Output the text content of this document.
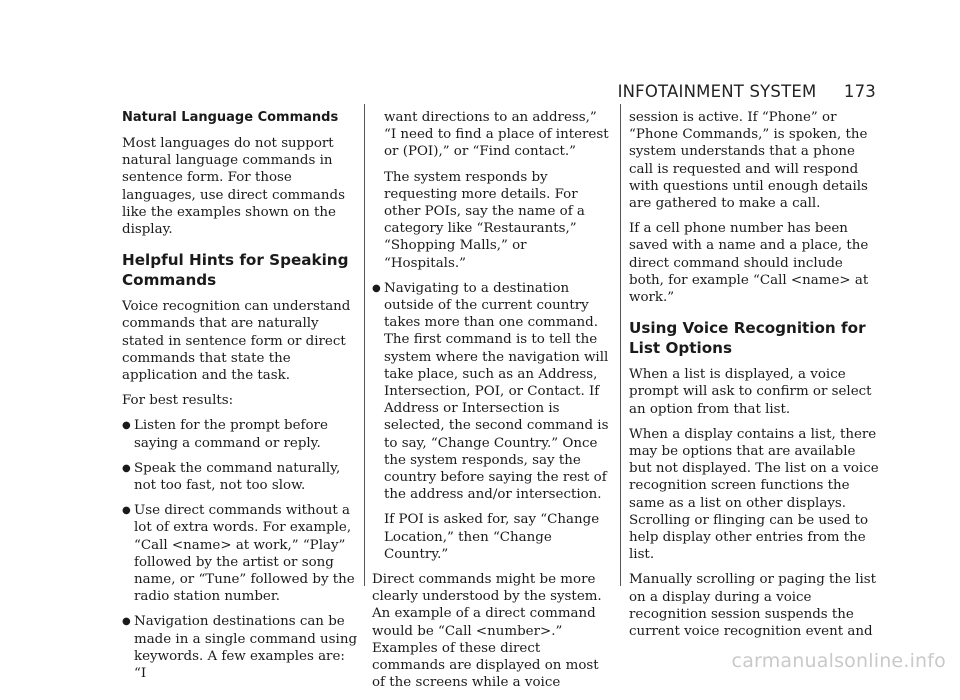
INFOTAINMENT SYSTEM 173
Natural Language Commands

Most languages do not support natural language commands in sentence form. For those languages, use direct commands like the examples shown on the display.

Helpful Hints for Speaking Commands

Voice recognition can understand commands that are naturally stated in sentence form or direct commands that state the application and the task.

For best results:

● Listen for the prompt before saying a command or reply.
● Speak the command naturally, not too fast, not too slow.
● Use direct commands without a lot of extra words. For example, “Call <name> at work,” “Play” followed by the artist or song name, or “Tune” followed by the radio station number.
● Navigation destinations can be made in a single command using keywords. A few examples are: “I

want directions to an address,” “I need to find a place of interest or (POI),” or “Find contact.”

The system responds by requesting more details. For other POIs, say the name of a category like “Restaurants,” “Shopping Malls,” or “Hospitals.”

● Navigating to a destination outside of the current country takes more than one command. The first command is to tell the system where the navigation will take place, such as an Address, Intersection, POI, or Contact. If Address or Intersection is selected, the second command is to say, “Change Country.” Once the system responds, say the country before saying the rest of the address and/or intersection.

If POI is asked for, say “Change Location,” then “Change Country.”

Direct commands might be more clearly understood by the system. An example of a direct command would be “Call <number>.” Examples of these direct commands are displayed on most of the screens while a voice

session is active. If “Phone” or “Phone Commands,” is spoken, the system understands that a phone call is requested and will respond with questions until enough details are gathered to make a call.

If a cell phone number has been saved with a name and a place, the direct command should include both, for example “Call <name> at work.”

Using Voice Recognition for List Options

When a list is displayed, a voice prompt will ask to confirm or select an option from that list.

When a display contains a list, there may be options that are available but not displayed. The list on a voice recognition screen functions the same as a list on other displays. Scrolling or flinging can be used to help display other entries from the list.

Manually scrolling or paging the list on a display during a voice recognition session suspends the current voice recognition event and

carmanualsonline.info
